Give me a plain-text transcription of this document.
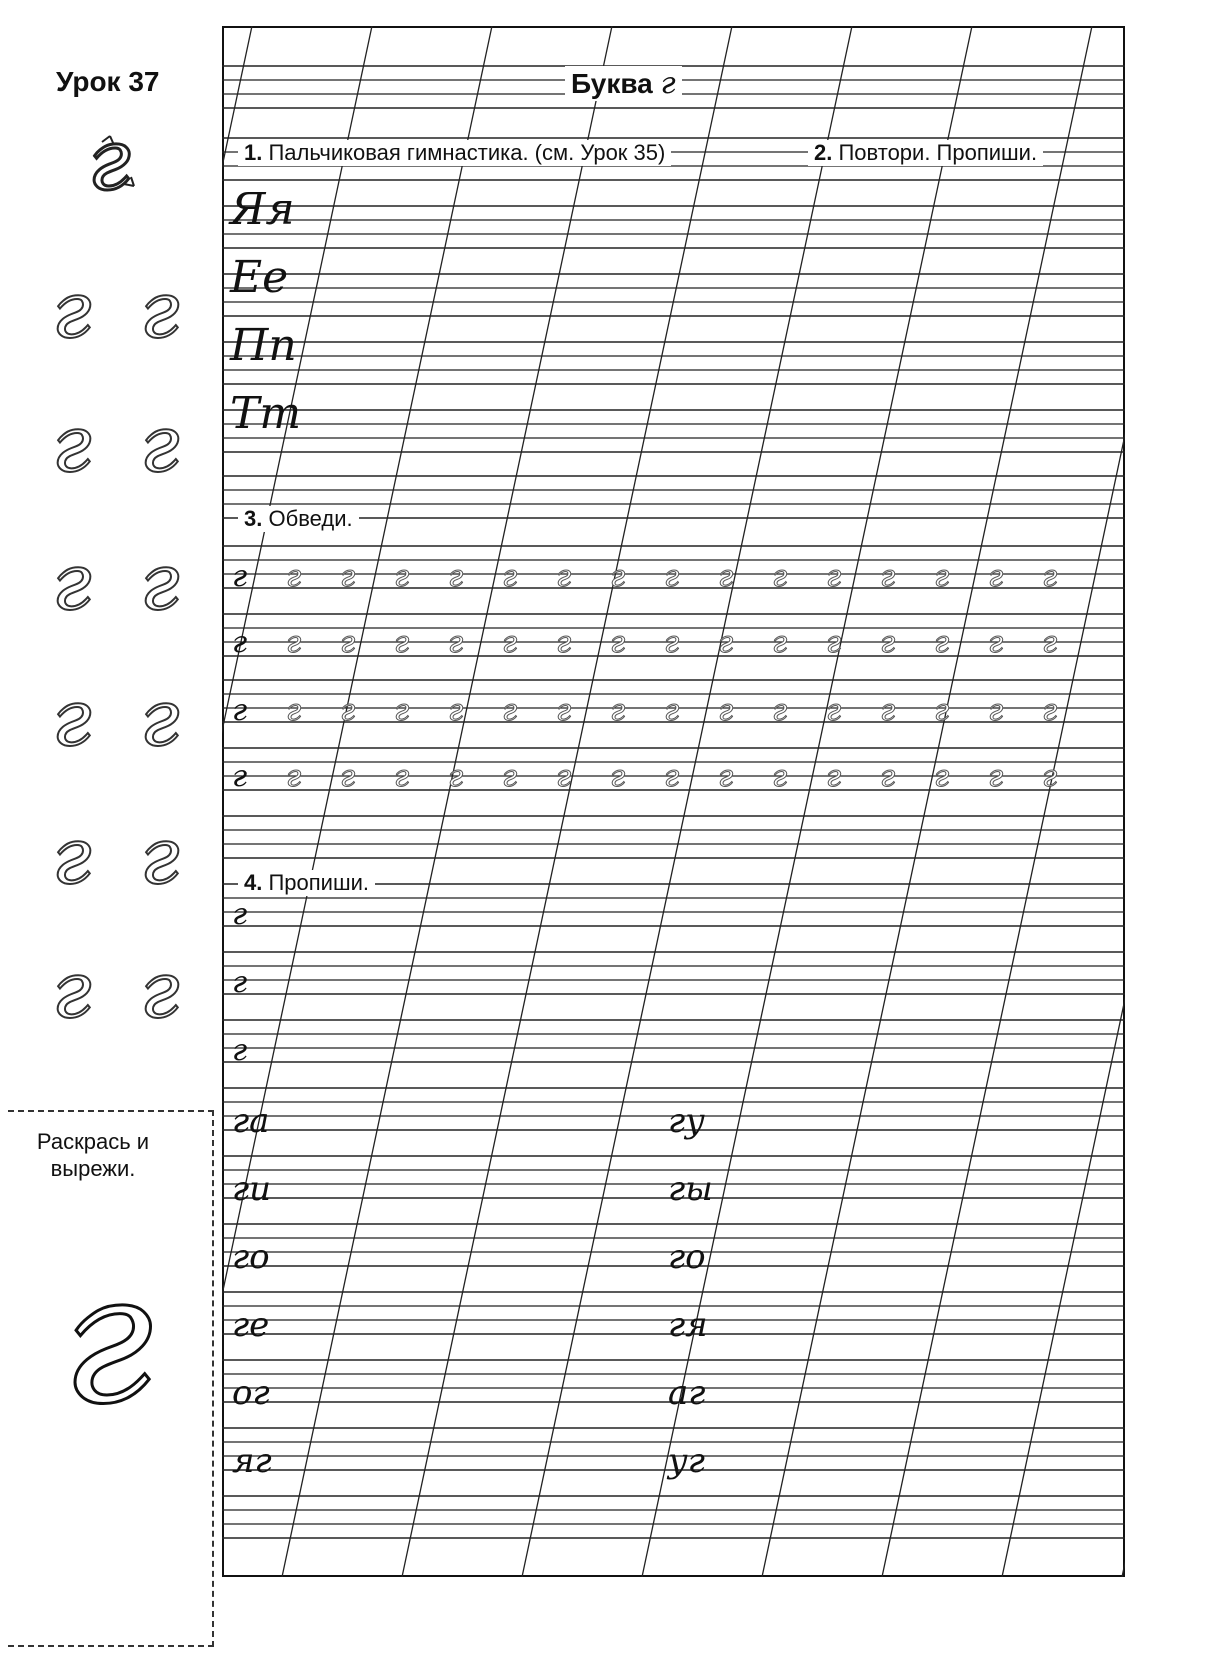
Урок 37
г
г г
г г
г г
г г
г г
г г
Раскрась и вырежи.
г
Буква г
1. Пальчиковая гимнастика. (см. Урок 35)	2. Повтори. Пропиши.
3. Обведи.
4. Пропиши.
Яя
Ее
Пп
Тт
г г г г г г г г г г г г г г г г
г г г г г г г г г г г г г г г г
г г г г г г г г г г г г г г г г
г г г г г г г г г г г г г г г г
г
г
г
га
ги
го
ге
ог
яг
гу
гы
го
гя
аг
уг
